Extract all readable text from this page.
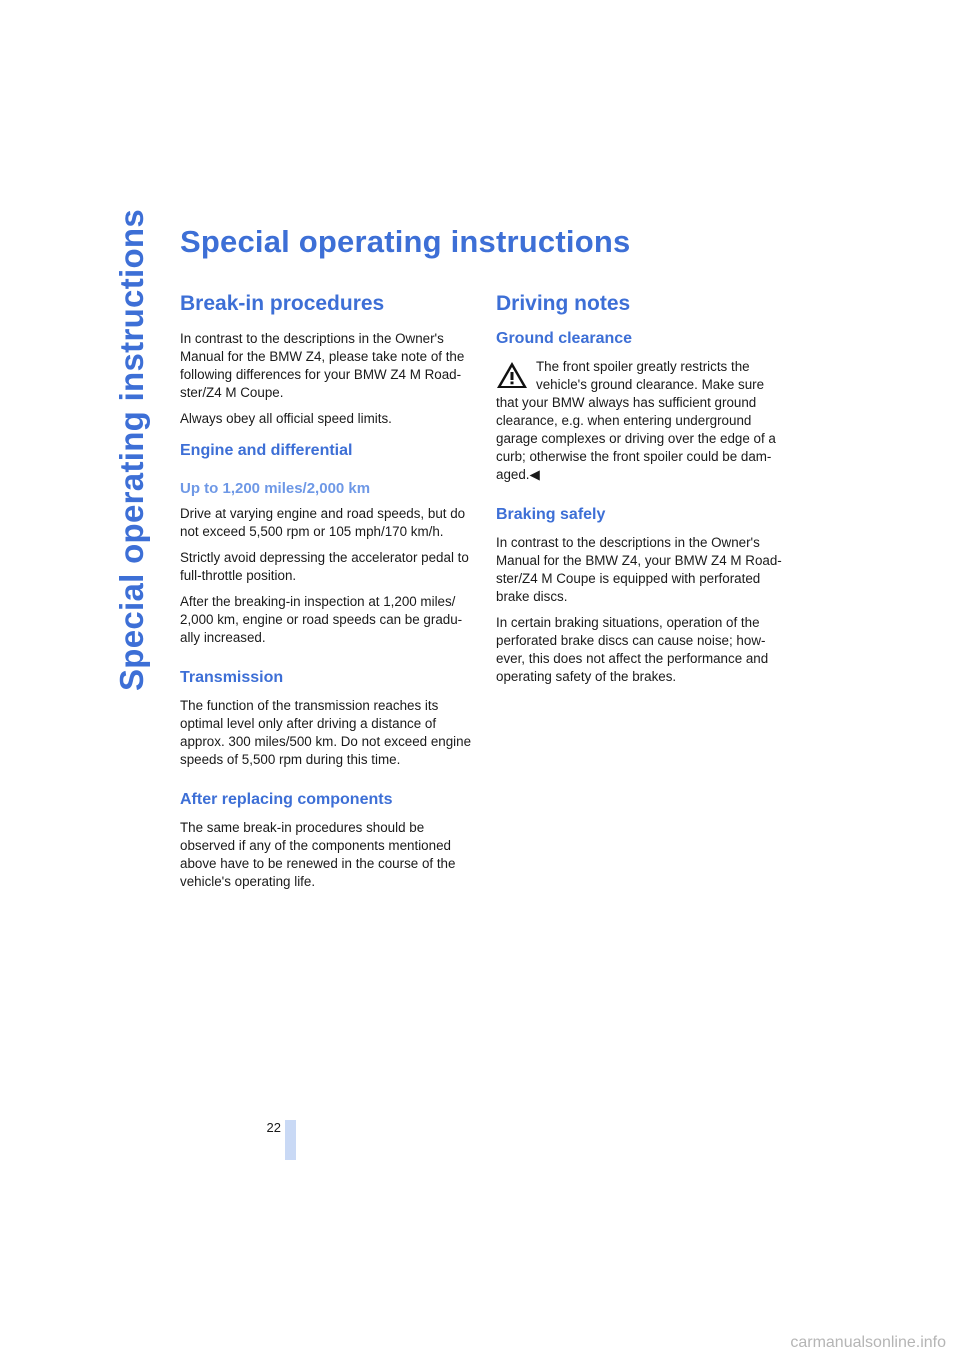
Special operating instructions Special operating instructions
Break-in procedures

In contrast to the descriptions in the Owner's Manual for the BMW Z4, please take note of the following differences for your BMW Z4 M Road-ster/Z4 M Coupe.

Always obey all official speed limits.

Engine and differential
Up to 1,200 miles/2,000 km

Drive at varying engine and road speeds, but do not exceed 5,500 rpm or 105 mph/170 km/h.

Strictly avoid depressing the accelerator pedal to full-throttle position.

After the breaking-in inspection at 1,200 miles/ 2,000 km, engine or road speeds can be gradu-ally increased.

Transmission

The function of the transmission reaches its optimal level only after driving a distance of approx. 300 miles/500 km. Do not exceed engine speeds of 5,500 rpm during this time.

After replacing components

The same break-in procedures should be observed if any of the components mentioned above have to be renewed in the course of the vehicle's operating life.

Driving notes
Ground clearance

The front spoiler greatly restricts the vehicle's ground clearance. Make sure that your BMW always has sufficient ground clearance, e.g. when entering underground garage complexes or driving over the edge of a curb; otherwise the front spoiler could be dam-aged.◀

Braking safely

In contrast to the descriptions in the Owner's Manual for the BMW Z4, your BMW Z4 M Road-ster/Z4 M Coupe is equipped with perforated brake discs.

In certain braking situations, operation of the perforated brake discs can cause noise; how-ever, this does not affect the performance and operating safety of the brakes.

22
carmanualsonline.info
